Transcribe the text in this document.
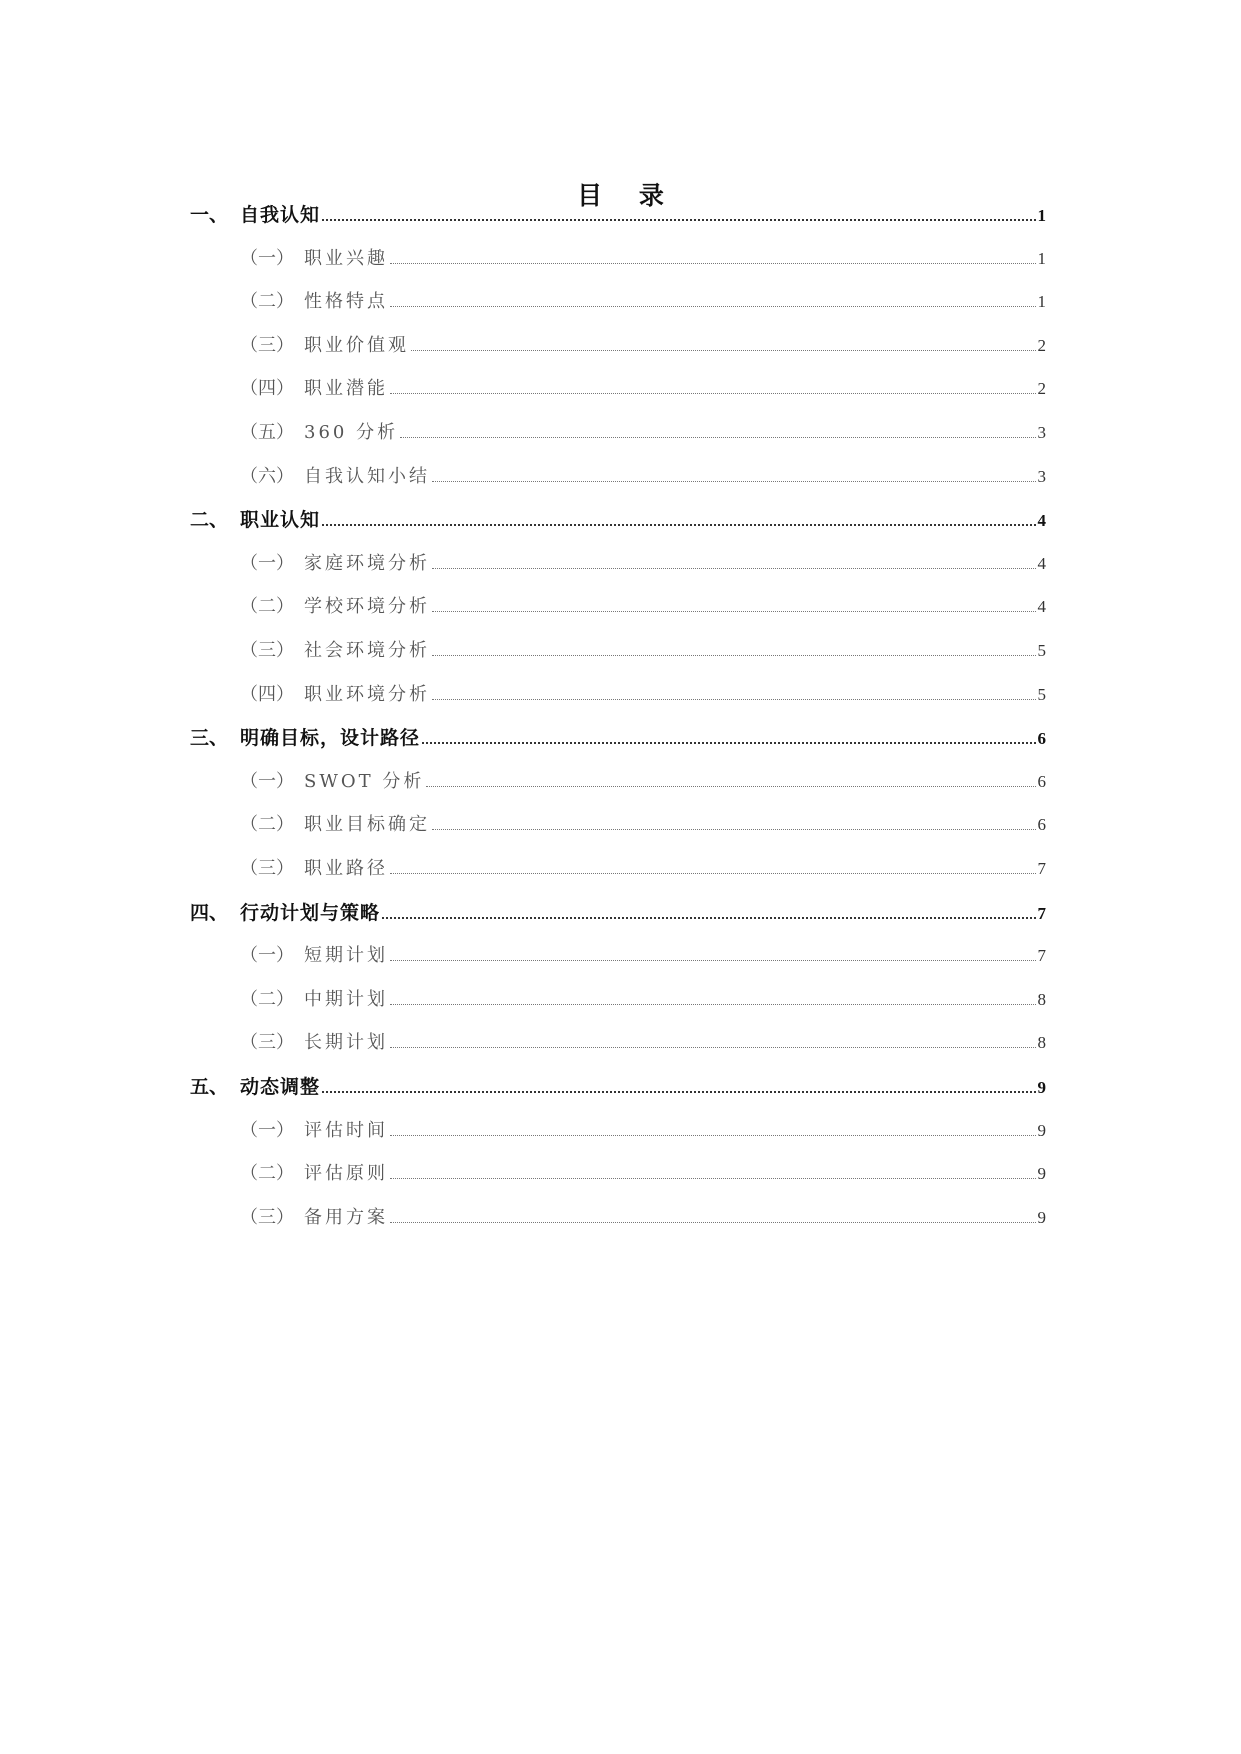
目 录
一、 自我认知	1
（一） 职业兴趣	1
（二） 性格特点	1
（三） 职业价值观	2
（四） 职业潜能	2
（五） 360 分析	3
（六） 自我认知小结	3
二、 职业认知	4
（一） 家庭环境分析	4
（二） 学校环境分析	4
（三） 社会环境分析	5
（四） 职业环境分析	5
三、 明确目标，设计路径	6
（一） SWOT 分析	6
（二） 职业目标确定	6
（三） 职业路径	7
四、 行动计划与策略	7
（一） 短期计划	7
（二） 中期计划	8
（三） 长期计划	8
五、 动态调整	9
（一） 评估时间	9
（二） 评估原则	9
（三） 备用方案	9
